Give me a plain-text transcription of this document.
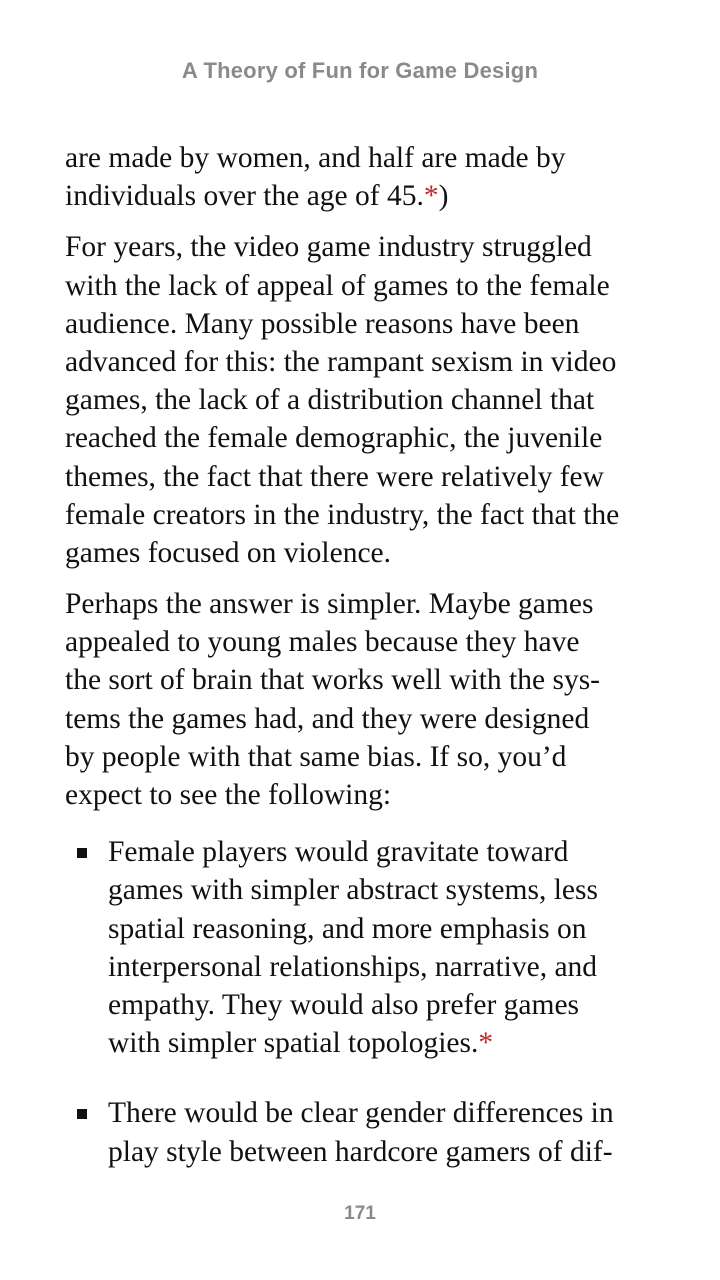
A Theory of Fun for Game Design

are made by women, and half are made by
individuals over the age of 45.*)

For years, the video game industry struggled
with the lack of appeal of games to the female
audience. Many possible reasons have been
advanced for this: the rampant sexism in video
games, the lack of a distribution channel that
reached the female demographic, the juvenile
themes, the fact that there were relatively few
female creators in the industry, the fact that the
games focused on violence.

Perhaps the answer is simpler. Maybe games
appealed to young males because they have
the sort of brain that works well with the sys-
tems the games had, and they were designed
by people with that same bias. If so, you’d
expect to see the following:

Female players would gravitate toward
games with simpler abstract systems, less
spatial reasoning, and more emphasis on
interpersonal relationships, narrative, and
empathy. They would also prefer games
with simpler spatial topologies.*
There would be clear gender differences in
play style between hardcore gamers of dif-
171
